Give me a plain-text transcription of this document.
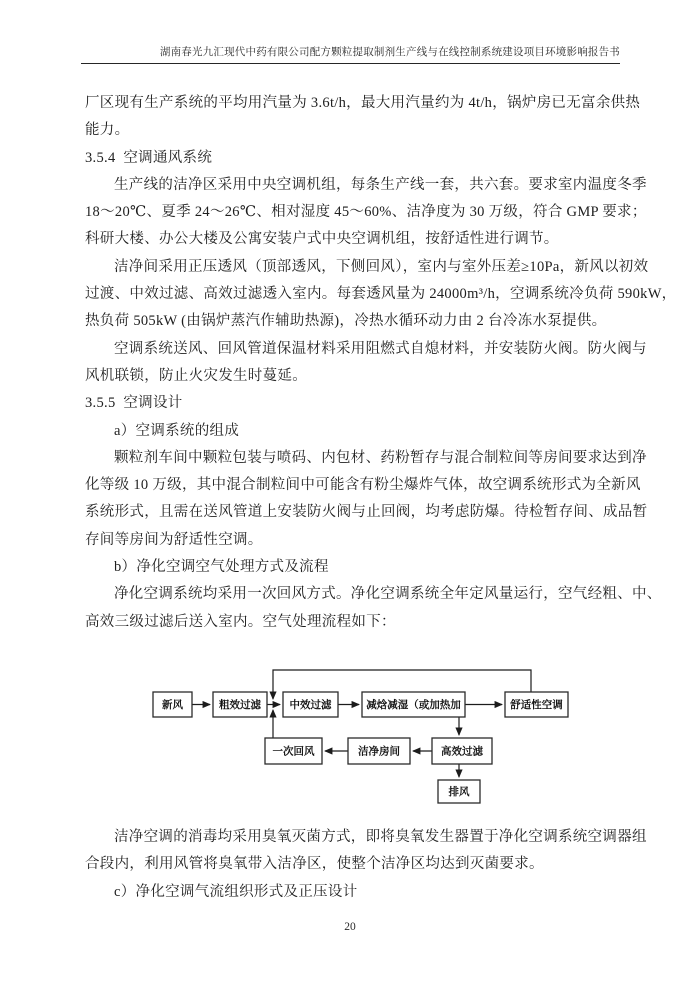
湖南春光九汇现代中药有限公司配方颗粒提取制剂生产线与在线控制系统建设项目环境影响报告书
厂区现有生产系统的平均用汽量为 3.6t/h，最大用汽量约为 4t/h，锅炉房已无富余供热
能力。
3.5.4  空调通风系统
生产线的洁净区采用中央空调机组，每条生产线一套，共六套。要求室内温度冬季
18～20℃、夏季 24～26℃、相对湿度 45～60%、洁净度为 30 万级，符合 GMP 要求；
科研大楼、办公大楼及公寓安装户式中央空调机组，按舒适性进行调节。
洁净间采用正压透风（顶部透风，下侧回风），室内与室外压差≥10Pa，新风以初效
过渡、中效过滤、高效过滤透入室内。每套透风量为 24000m³/h，空调系统冷负荷 590kW，
热负荷 505kW (由锅炉蒸汽作辅助热源)，冷热水循环动力由 2 台冷冻水泵提供。
空调系统送风、回风管道保温材料采用阻燃式自熄材料，并安装防火阀。防火阀与
风机联锁，防止火灾发生时蔓延。
3.5.5  空调设计
a）空调系统的组成
颗粒剂车间中颗粒包装与喷码、内包材、药粉暂存与混合制粒间等房间要求达到净
化等级 10 万级，其中混合制粒间中可能含有粉尘爆炸气体，故空调系统形式为全新风
系统形式，且需在送风管道上安装防火阀与止回阀，均考虑防爆。待检暂存间、成品暂
存间等房间为舒适性空调。
b）净化空调空气处理方式及流程
净化空调系统均采用一次回风方式。净化空调系统全年定风量运行，空气经粗、中、
高效三级过滤后送入室内。空气处理流程如下：
新风	粗效过滤	中效过滤	减焓减湿（或加热加	舒适性空调
一次回风	洁净房间	高效过滤
排风
洁净空调的消毒均采用臭氧灭菌方式，即将臭氧发生器置于净化空调系统空调器组
合段内，利用风管将臭氧带入洁净区，使整个洁净区均达到灭菌要求。
c）净化空调气流组织形式及正压设计
20
